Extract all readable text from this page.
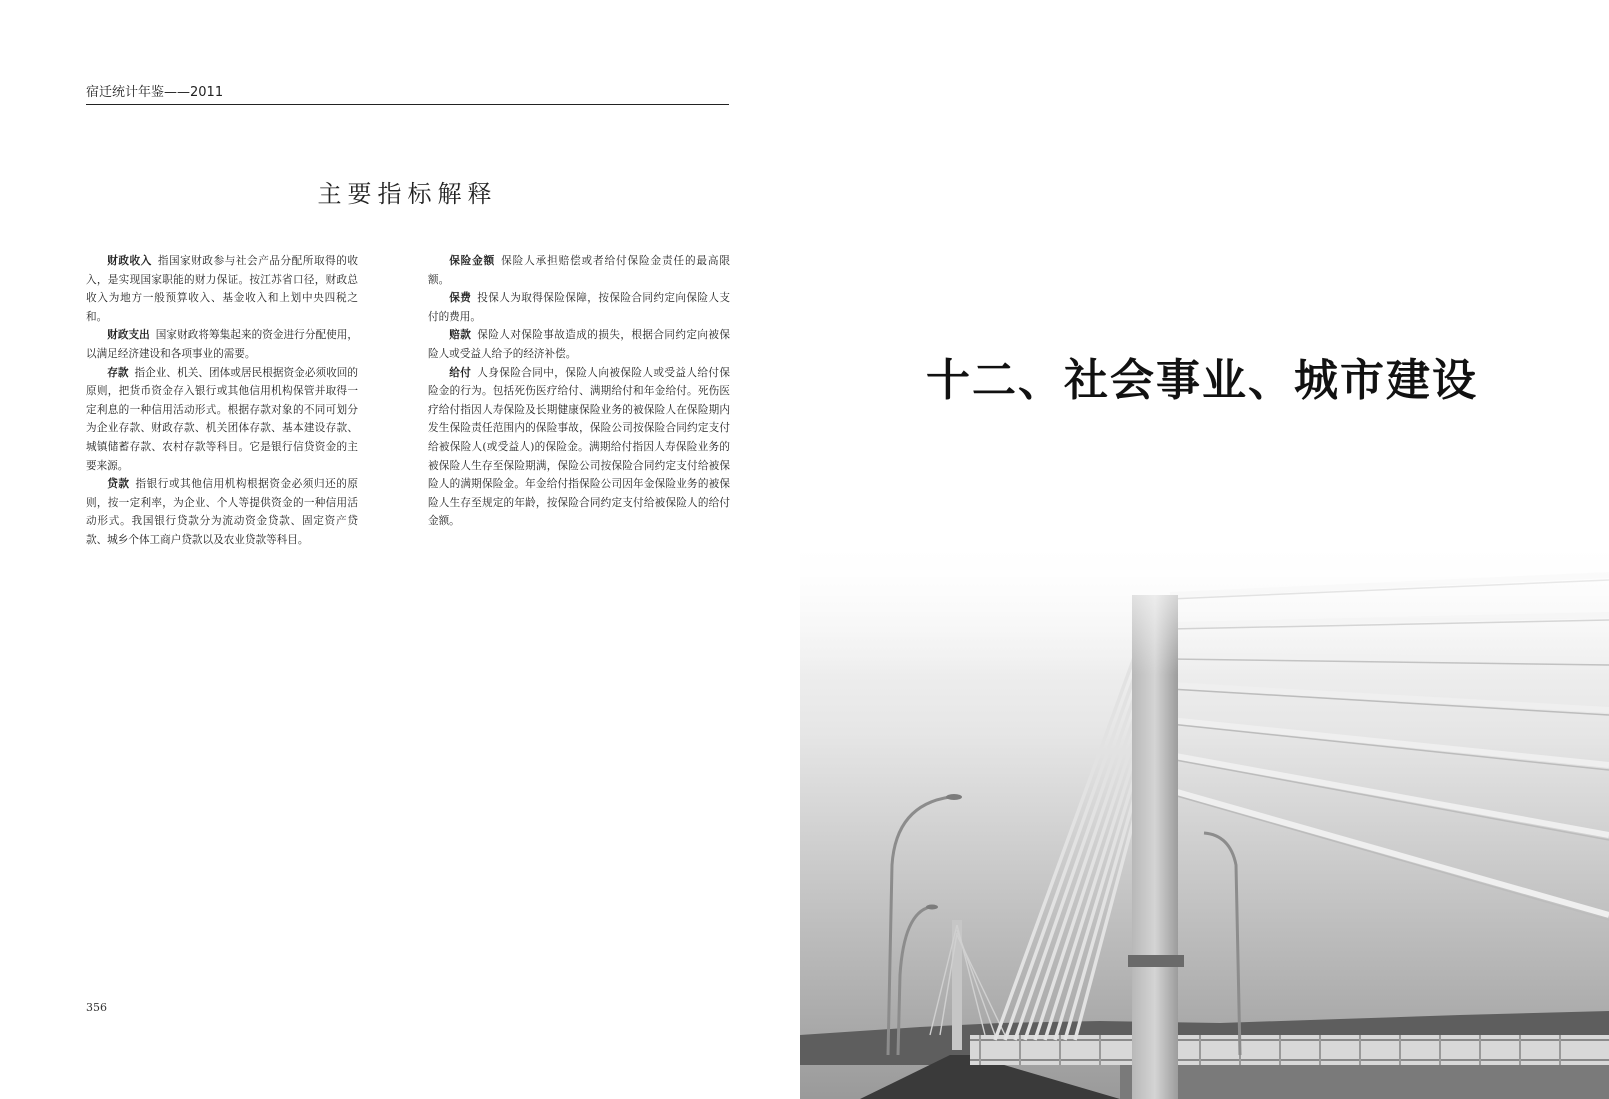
宿迁统计年鉴——2011
主要指标解释

财政收入 指国家财政参与社会产品分配所取得的收入，是实现国家职能的财力保证。按江苏省口径，财政总收入为地方一般预算收入、基金收入和上划中央四税之和。

财政支出 国家财政将筹集起来的资金进行分配使用，以满足经济建设和各项事业的需要。

存款 指企业、机关、团体或居民根据资金必须收回的原则，把货币资金存入银行或其他信用机构保管并取得一定利息的一种信用活动形式。根据存款对象的不同可划分为企业存款、财政存款、机关团体存款、基本建设存款、城镇储蓄存款、农村存款等科目。它是银行信贷资金的主要来源。

贷款 指银行或其他信用机构根据资金必须归还的原则，按一定利率，为企业、个人等提供资金的一种信用活动形式。我国银行贷款分为流动资金贷款、固定资产贷款、城乡个体工商户贷款以及农业贷款等科目。

保险金额 保险人承担赔偿或者给付保险金责任的最高限额。

保费 投保人为取得保险保障，按保险合同约定向保险人支付的费用。

赔款 保险人对保险事故造成的损失，根据合同约定向被保险人或受益人给予的经济补偿。

给付 人身保险合同中，保险人向被保险人或受益人给付保险金的行为。包括死伤医疗给付、满期给付和年金给付。死伤医疗给付指因人寿保险及长期健康保险业务的被保险人在保险期内发生保险责任范围内的保险事故，保险公司按保险合同约定支付给被保险人(或受益人)的保险金。满期给付指因人寿保险业务的被保险人生存至保险期满，保险公司按保险合同约定支付给被保险人的满期保险金。年金给付指保险公司因年金保险业务的被保险人生存至规定的年龄，按保险合同约定支付给被保险人的给付金额。

356
十二、社会事业、城市建设
